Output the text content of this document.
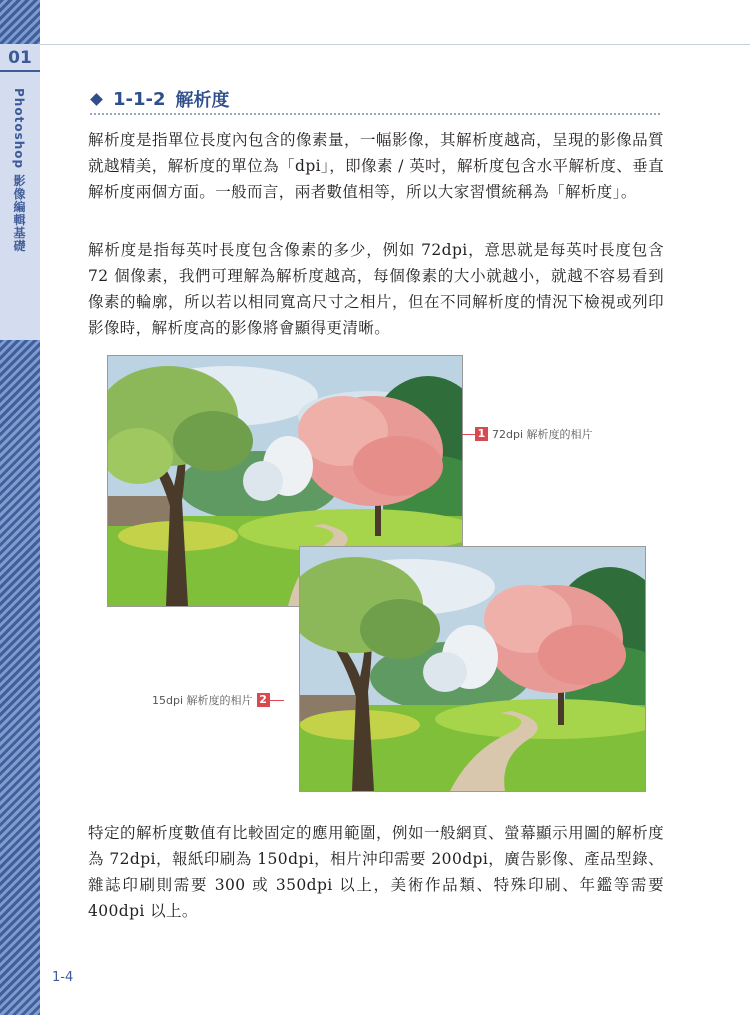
01
Photoshop 影像編輯基礎	1-1-2 解析度

解析度是指單位長度內包含的像素量，一幅影像，其解析度越高，呈現的影像品質就越精美，解析度的單位為「dpi」，即像素 / 英吋，解析度包含水平解析度、垂直解析度兩個方面。一般而言，兩者數值相等，所以大家習慣統稱為「解析度」。

解析度是指每英吋長度包含像素的多少，例如 72dpi，意思就是每英吋長度包含 72 個像素，我們可理解為解析度越高，每個像素的大小就越小，就越不容易看到像素的輪廓，所以若以相同寬高尺寸之相片，但在不同解析度的情況下檢視或列印影像時，解析度高的影像將會顯得更清晰。

1 72dpi 解析度的相片
15dpi 解析度的相片 2

特定的解析度數值有比較固定的應用範圍，例如一般網頁、螢幕顯示用圖的解析度為 72dpi，報紙印刷為 150dpi，相片沖印需要 200dpi，廣告影像、產品型錄、雜誌印刷則需要 300 或 350dpi 以上，美術作品類、特殊印刷、年鑑等需要 400dpi 以上。

1-4
